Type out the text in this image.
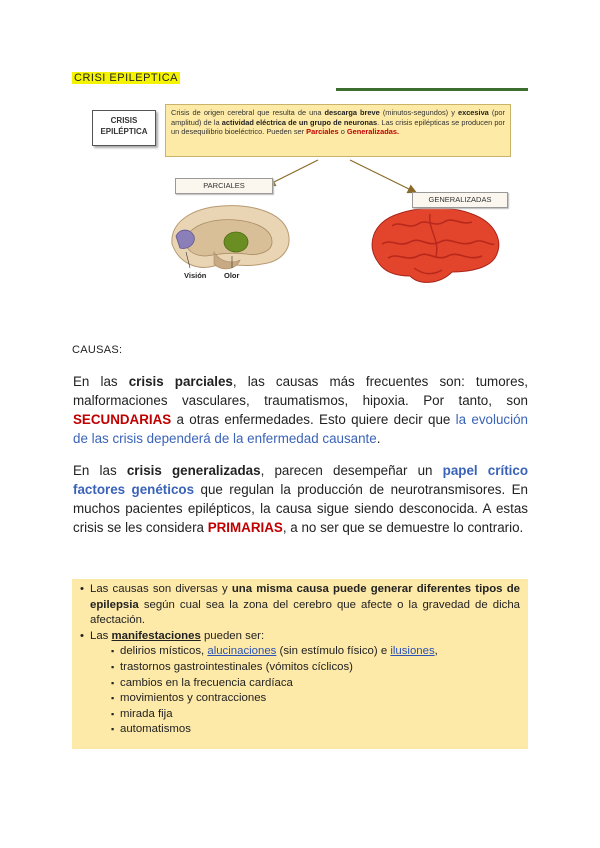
CRISI EPILEPTICA
CRISIS
EPILÉPTICA
Crisis de origen cerebral que resulta de una descarga breve (minutos-segundos) y excesiva (por amplitud) de la actividad eléctrica de un grupo de neuronas. Las crisis epilépticas se producen por un desequilibrio bioeléctrico. Pueden ser Parciales o Generalizadas.
PARCIALES
GENERALIZADAS
Visión Olor
CAUSAS:
En las crisis parciales, las causas más frecuentes son: tumores, malformaciones vasculares, traumatismos, hipoxia. Por tanto, son SECUNDARIAS a otras enfermedades. Esto quiere decir que la evolución de las crisis dependerá de la enfermedad causante.
En las crisis generalizadas, parecen desempeñar un papel crítico factores genéticos que regulan la producción de neurotransmisores. En muchos pacientes epilépticos, la causa sigue siendo desconocida. A estas crisis se les considera PRIMARIAS, a no ser que se demuestre lo contrario.
• Las causas son diversas y una misma causa puede generar diferentes tipos de epilepsia según cual sea la zona del cerebro que afecte o la gravedad de dicha afectación.
• Las manifestaciones pueden ser:
▪ delirios místicos, alucinaciones (sin estímulo físico) e ilusiones,
▪ trastornos gastrointestinales (vómitos cíclicos)
▪ cambios en la frecuencia cardíaca
▪ movimientos y contracciones
▪ mirada fija
▪ automatismos
